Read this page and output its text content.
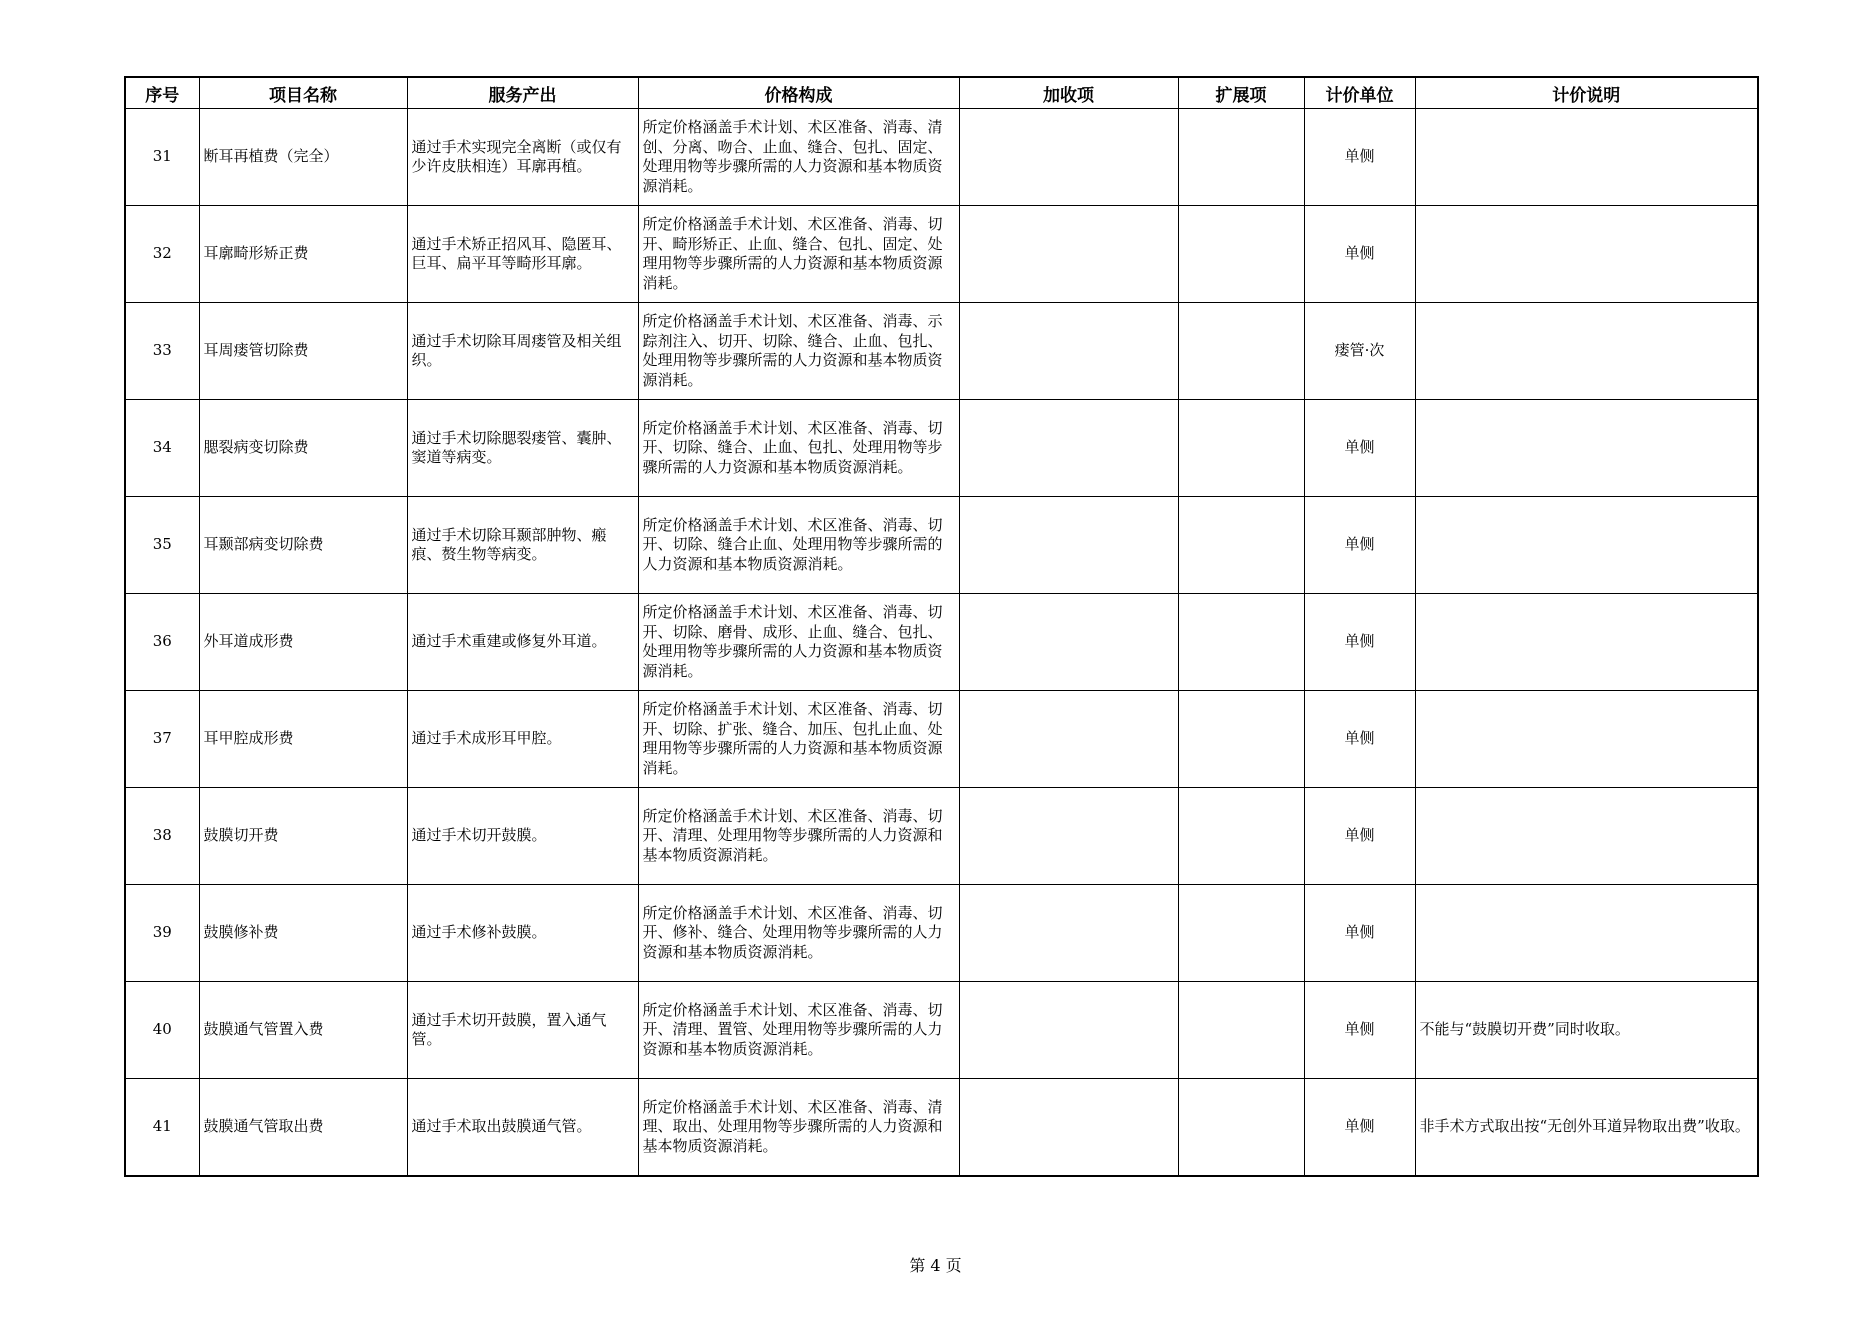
序号	项目名称	服务产出	价格构成	加收项	扩展项	计价单位	计价说明
31	断耳再植费（完全）	通过手术实现完全离断（或仅有少许皮肤相连）耳廓再植。	所定价格涵盖手术计划、术区准备、消毒、清创、分离、吻合、止血、缝合、包扎、固定、处理用物等步骤所需的人力资源和基本物质资源消耗。			单侧	
32	耳廓畸形矫正费	通过手术矫正招风耳、隐匿耳、巨耳、扁平耳等畸形耳廓。	所定价格涵盖手术计划、术区准备、消毒、切开、畸形矫正、止血、缝合、包扎、固定、处理用物等步骤所需的人力资源和基本物质资源消耗。			单侧	
33	耳周瘘管切除费	通过手术切除耳周瘘管及相关组织。	所定价格涵盖手术计划、术区准备、消毒、示踪剂注入、切开、切除、缝合、止血、包扎、处理用物等步骤所需的人力资源和基本物质资源消耗。			瘘管·次	
34	腮裂病变切除费	通过手术切除腮裂瘘管、囊肿、窦道等病变。	所定价格涵盖手术计划、术区准备、消毒、切开、切除、缝合、止血、包扎、处理用物等步骤所需的人力资源和基本物质资源消耗。			单侧	
35	耳颞部病变切除费	通过手术切除耳颞部肿物、瘢痕、赘生物等病变。	所定价格涵盖手术计划、术区准备、消毒、切开、切除、缝合止血、处理用物等步骤所需的人力资源和基本物质资源消耗。			单侧	
36	外耳道成形费	通过手术重建或修复外耳道。	所定价格涵盖手术计划、术区准备、消毒、切开、切除、磨骨、成形、止血、缝合、包扎、处理用物等步骤所需的人力资源和基本物质资源消耗。			单侧	
37	耳甲腔成形费	通过手术成形耳甲腔。	所定价格涵盖手术计划、术区准备、消毒、切开、切除、扩张、缝合、加压、包扎止血、处理用物等步骤所需的人力资源和基本物质资源消耗。			单侧	
38	鼓膜切开费	通过手术切开鼓膜。	所定价格涵盖手术计划、术区准备、消毒、切开、清理、处理用物等步骤所需的人力资源和基本物质资源消耗。			单侧	
39	鼓膜修补费	通过手术修补鼓膜。	所定价格涵盖手术计划、术区准备、消毒、切开、修补、缝合、处理用物等步骤所需的人力资源和基本物质资源消耗。			单侧	
40	鼓膜通气管置入费	通过手术切开鼓膜，置入通气管。	所定价格涵盖手术计划、术区准备、消毒、切开、清理、置管、处理用物等步骤所需的人力资源和基本物质资源消耗。			单侧	不能与“鼓膜切开费”同时收取。
41	鼓膜通气管取出费	通过手术取出鼓膜通气管。	所定价格涵盖手术计划、术区准备、消毒、清理、取出、处理用物等步骤所需的人力资源和基本物质资源消耗。			单侧	非手术方式取出按“无创外耳道异物取出费”收取。
第 4 页
